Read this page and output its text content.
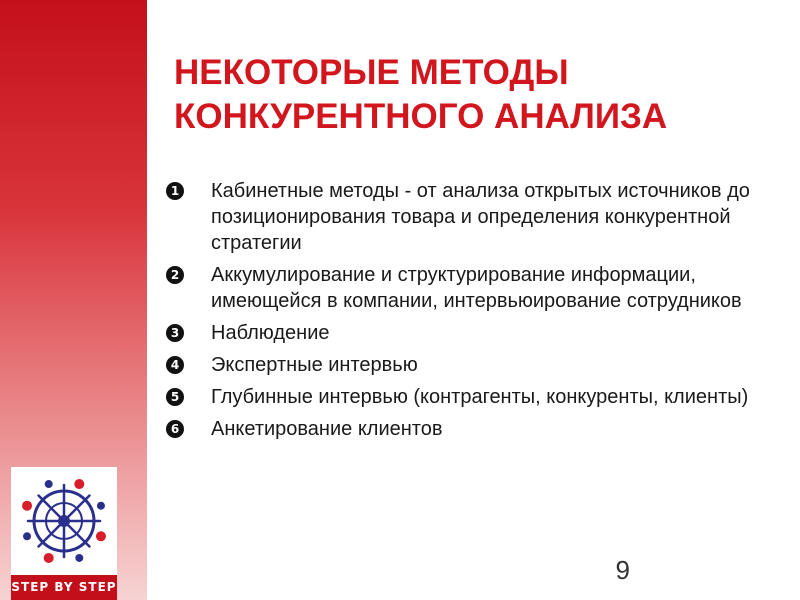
STEP BY STEP
НЕКОТОРЫЕ МЕТОДЫ
КОНКУРЕНТНОГО АНАЛИЗА
1 Кабинетные методы - от анализа открытых источников до позиционирования товара и определения конкурентной стратегии
2 Аккумулирование и структурирование информации, имеющейся в компании, интервьюирование сотрудников
3 Наблюдение
4 Экспертные интервью
5 Глубинные интервью (контрагенты, конкуренты, клиенты)
6 Анкетирование клиентов
9
